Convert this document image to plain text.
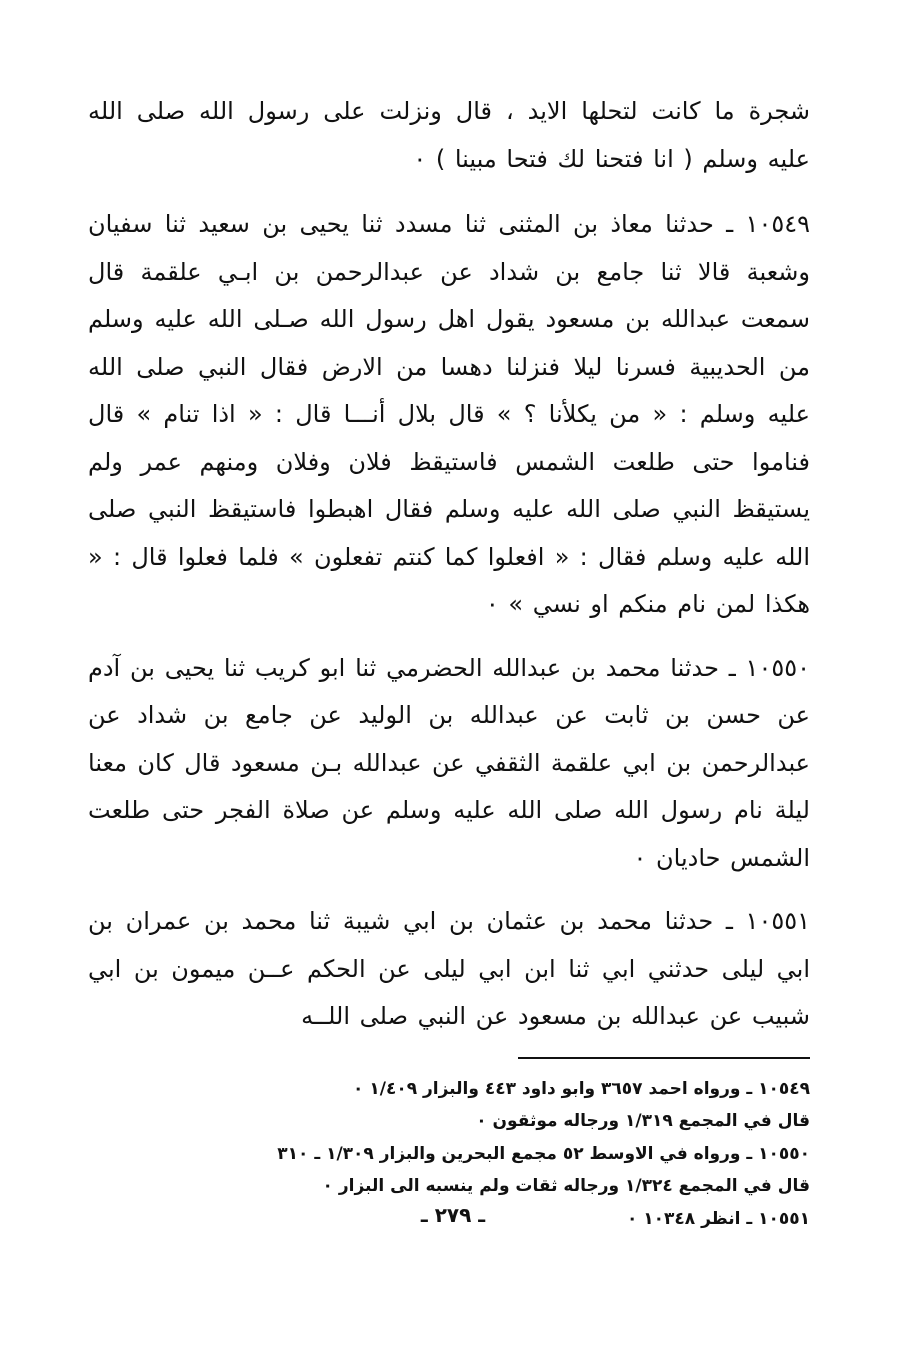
شجرة ما كانت لتحلها الايد ، قال ونزلت على رسول الله صلى الله عليه وسلم ( انا فتحنا لك فتحا مبينا ) ٠

١٠٥٤٩ ـ حدثنا معاذ بن المثنى ثنا مسدد ثنا يحيى بن سعيد ثنا سفيان وشعبة قالا ثنا جامع بن شداد عن عبدالرحمن بن ابـي علقمة قال سمعت عبدالله بن مسعود يقول اهل رسول الله صـلى الله عليه وسلم من الحديبية فسرنا ليلا فنزلنا دهسا من الارض فقال النبي صلى الله عليه وسلم : « من يكلأنا ؟ » قال بلال أنـــا قال : « اذا تنام » قال فناموا حتى طلعت الشمس فاستيقظ فلان وفلان ومنهم عمر ولم يستيقظ النبي صلى الله عليه وسلم فقال اهبطوا فاستيقظ النبي صلى الله عليه وسلم فقال : « افعلوا كما كنتم تفعلون » فلما فعلوا قال : « هكذا لمن نام منكم او نسي » ٠

١٠٥٥٠ ـ حدثنا محمد بن عبدالله الحضرمي ثنا ابو كريب ثنا يحيى بن آدم عن حسن بن ثابت عن عبدالله بن الوليد عن جامع بن شداد عن عبدالرحمن بن ابي علقمة الثقفي عن عبدالله بـن مسعود قال كان معنا ليلة نام رسول الله صلى الله عليه وسلم عن صلاة الفجر حتى طلعت الشمس حاديان ٠

١٠٥٥١ ـ حدثنا محمد بن عثمان بن ابي شيبة ثنا محمد بن عمران بن ابي ليلى حدثني ابي ثنا ابن ابي ليلى عن الحكم عــن ميمون بن ابي شبيب عن عبدالله بن مسعود عن النبي صلى اللــه

١٠٥٤٩ ـ ورواه احمد ٣٦٥٧ وابو داود ٤٤٣ والبزار ١/٤٠٩ ٠

قال في المجمع ١/٣١٩ ورجاله موثقون ٠

١٠٥٥٠ ـ ورواه في الاوسط ٥٢ مجمع البحرين والبزار ١/٣٠٩ ـ ٣١٠

قال في المجمع ١/٣٢٤ ورجاله ثقات ولم ينسبه الى البزار ٠

١٠٥٥١ ـ انظر ١٠٣٤٨ ٠

ـ ٢٧٩ ـ
